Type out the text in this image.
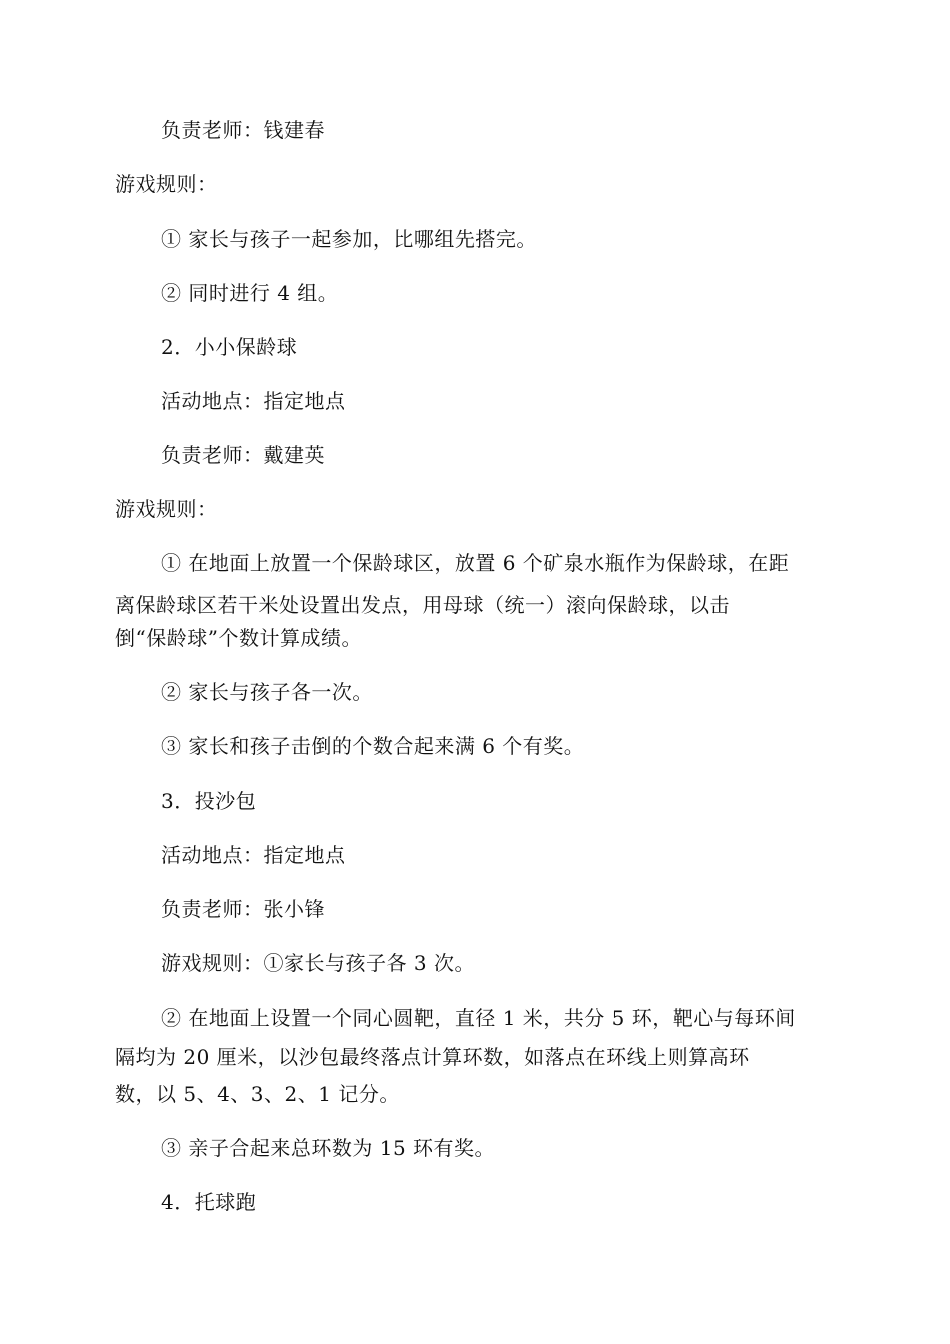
负责老师：钱建春
游戏规则：
① 家长与孩子一起参加，比哪组先搭完。
② 同时进行 4 组。
2．小小保龄球
活动地点：指定地点
负责老师：戴建英
游戏规则：
① 在地面上放置一个保龄球区，放置 6 个矿泉水瓶作为保龄球，在距
离保龄球区若干米处设置出发点，用母球（统一）滚向保龄球，以击
倒“保龄球”个数计算成绩。
② 家长与孩子各一次。
③ 家长和孩子击倒的个数合起来满 6 个有奖。
3．投沙包
活动地点：指定地点
负责老师：张小锋
游戏规则：①家长与孩子各 3 次。
② 在地面上设置一个同心圆靶，直径 1 米，共分 5 环，靶心与每环间
隔均为 20 厘米，以沙包最终落点计算环数，如落点在环线上则算高环
数，以 5、4、3、2、1 记分。
③ 亲子合起来总环数为 15 环有奖。
4．托球跑
